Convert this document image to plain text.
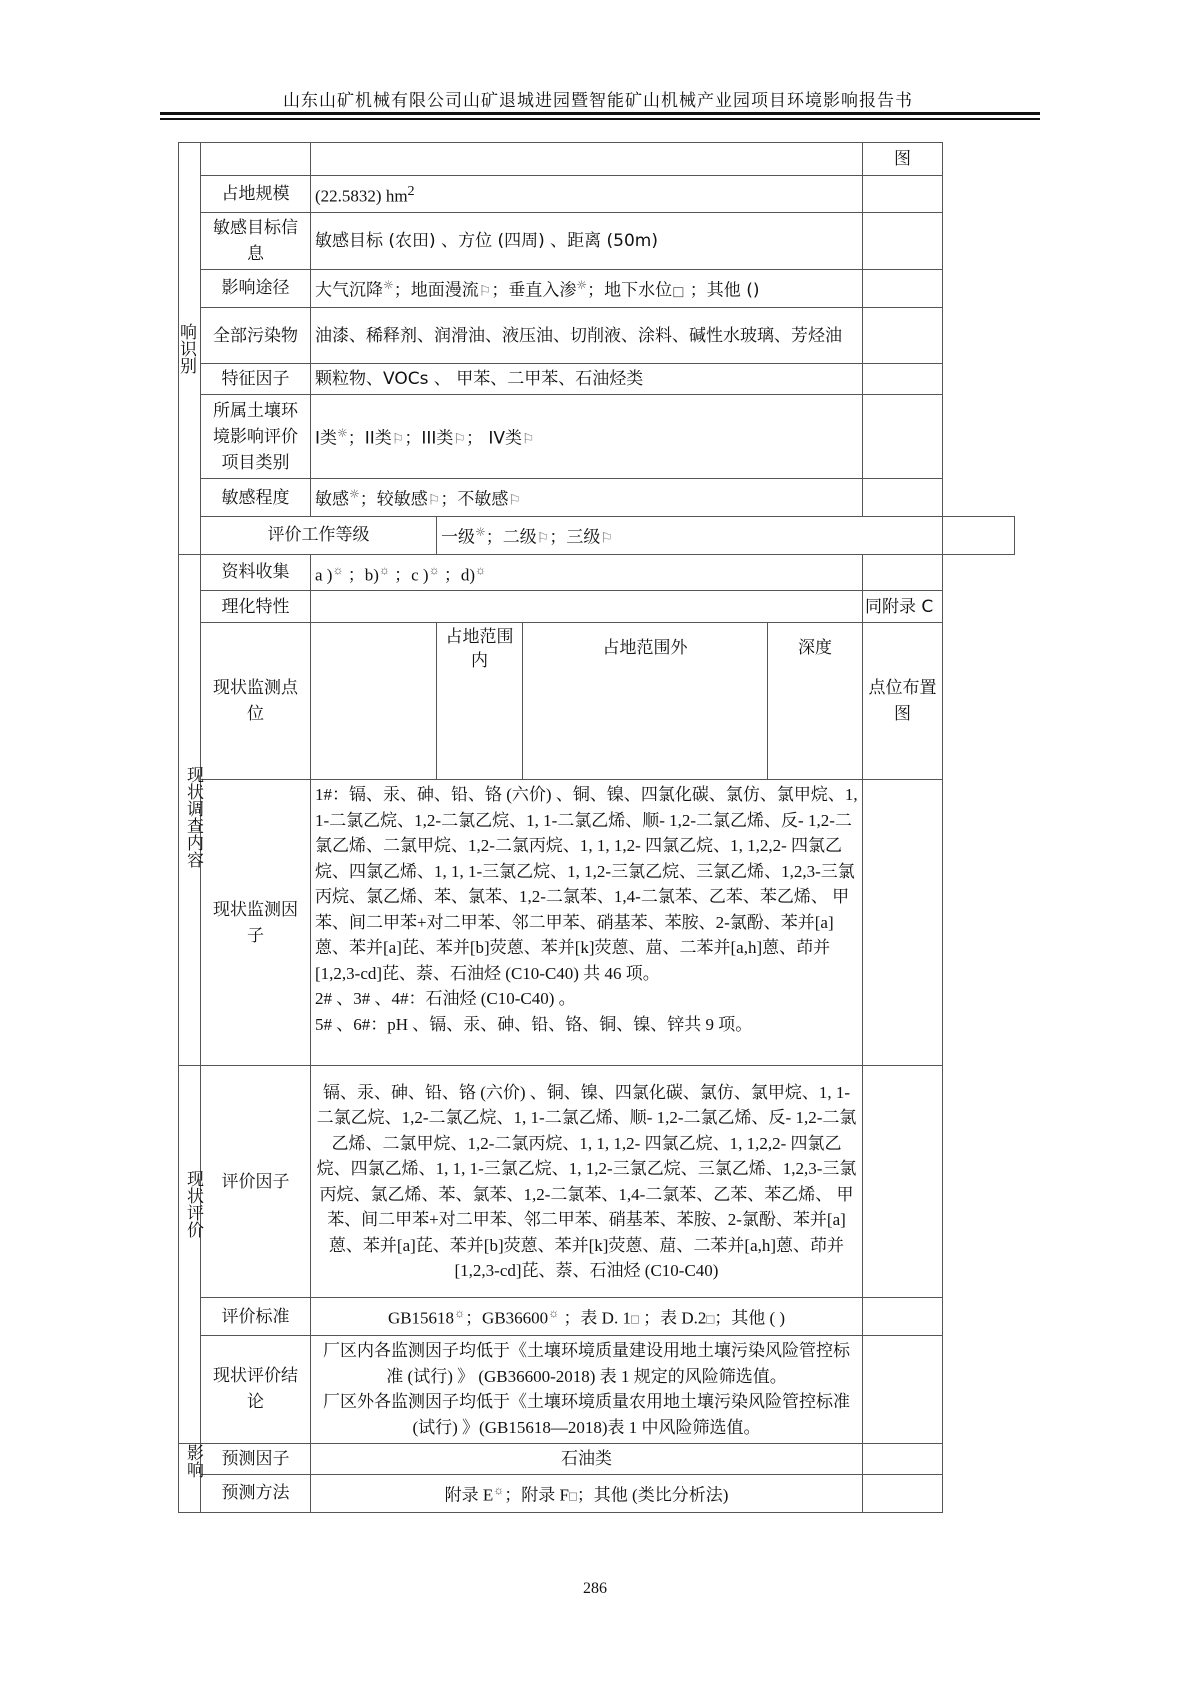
山东山矿机械有限公司山矿退城进园暨智能矿山机械产业园项目环境影响报告书
响识别						图	
	占地规模	(22.5832) $hm^2$	
	敏感目标信息	敏感目标 (农田) 、方位 (四周) 、距离 (50m)					
	影响途径	大气沉降☼；地面漫流⚐；垂直入渗☼；地下水位□ ；其他 ()					
	全部污染物	油漆、稀释剂、润滑油、液压油、切削液、涂料、碱性水玻璃、芳烃油					
	特征因子	颗粒物、VOCs 、 甲苯、二甲苯、石油烃类					
	所属土壤环境影响评价项目类别	I类☼；II类⚐；III类⚐； IV类⚐					
	敏感程度	敏感☼；较敏感⚐；不敏感⚐					
	评价工作等级		一级☼；二级⚐；三级⚐				
现状调查内容	资料收集	a )☼ ；b)☼ ；c )☼ ；d)☼	
	理化特性					同附录 C	
	现状监测点位		占地范围内	占地范围外	深度	点位布置图	
	现状监测因子	1#：镉、汞、砷、铅、铬 (六价) 、铜、镍、四氯化碳、氯仿、氯甲烷、1, 1-二氯乙烷、1,2-二氯乙烷、1, 1-二氯乙烯、顺- 1,2-二氯乙烯、反- 1,2-二氯乙烯、二氯甲烷、1,2-二氯丙烷、1, 1, 1,2- 四氯乙烷、1, 1,2,2- 四氯乙烷、四氯乙烯、1, 1, 1-三氯乙烷、1, 1,2-三氯乙烷、三氯乙烯、1,2,3-三氯丙烷、氯乙烯、苯、氯苯、1,2-二氯苯、1,4-二氯苯、乙苯、苯乙烯、 甲苯、间二甲苯+对二甲苯、邻二甲苯、硝基苯、苯胺、2-氯酚、苯并[a]蒽、苯并[a]芘、苯并[b]荧蒽、苯并[k]荧蒽、䓛、二苯并[a,h]蒽、茚并[1,2,3-cd]芘、萘、石油烃 (C10-C40) 共 46 项。
2# 、3# 、4#：石油烃 (C10-C40) 。
5# 、6#：pH 、镉、汞、砷、铅、铬、铜、镍、锌共 9 项。					

现状评价	评价因子	镉、汞、砷、铅、铬 (六价) 、铜、镍、四氯化碳、氯仿、氯甲烷、1, 1-二氯乙烷、1,2-二氯乙烷、1, 1-二氯乙烯、顺- 1,2-二氯乙烯、反- 1,2-二氯乙烯、二氯甲烷、1,2-二氯丙烷、1, 1, 1,2- 四氯乙烷、1, 1,2,2- 四氯乙烷、四氯乙烯、1, 1, 1-三氯乙烷、1, 1,2-三氯乙烷、三氯乙烯、1,2,3-三氯丙烷、氯乙烯、苯、氯苯、1,2-二氯苯、1,4-二氯苯、乙苯、苯乙烯、 甲苯、间二甲苯+对二甲苯、邻二甲苯、硝基苯、苯胺、2-氯酚、苯并[a]蒽、苯并[a]芘、苯并[b]荧蒽、苯并[k]荧蒽、䓛、二苯并[a,h]蒽、茚并[1,2,3-cd]芘、萘、石油烃 (C10-C40)					
	评价标准	GB15618☼；GB36600☼ ；表 D. 1□ ；表 D.2□；其他 ( )					
	现状评价结论	厂区内各监测因子均低于《土壤环境质量建设用地土壤污染风险管控标准 (试行) 》 (GB36600-2018) 表 1 规定的风险筛选值。
厂区外各监测因子均低于《土壤环境质量农用地土壤污染风险管控标准 (试行) 》(GB15618—2018)表 1 中风险筛选值。					

影响	预测因子	石油类					
	预测方法	附录 E☼；附录 F□；其他 (类比分析法)					
286
